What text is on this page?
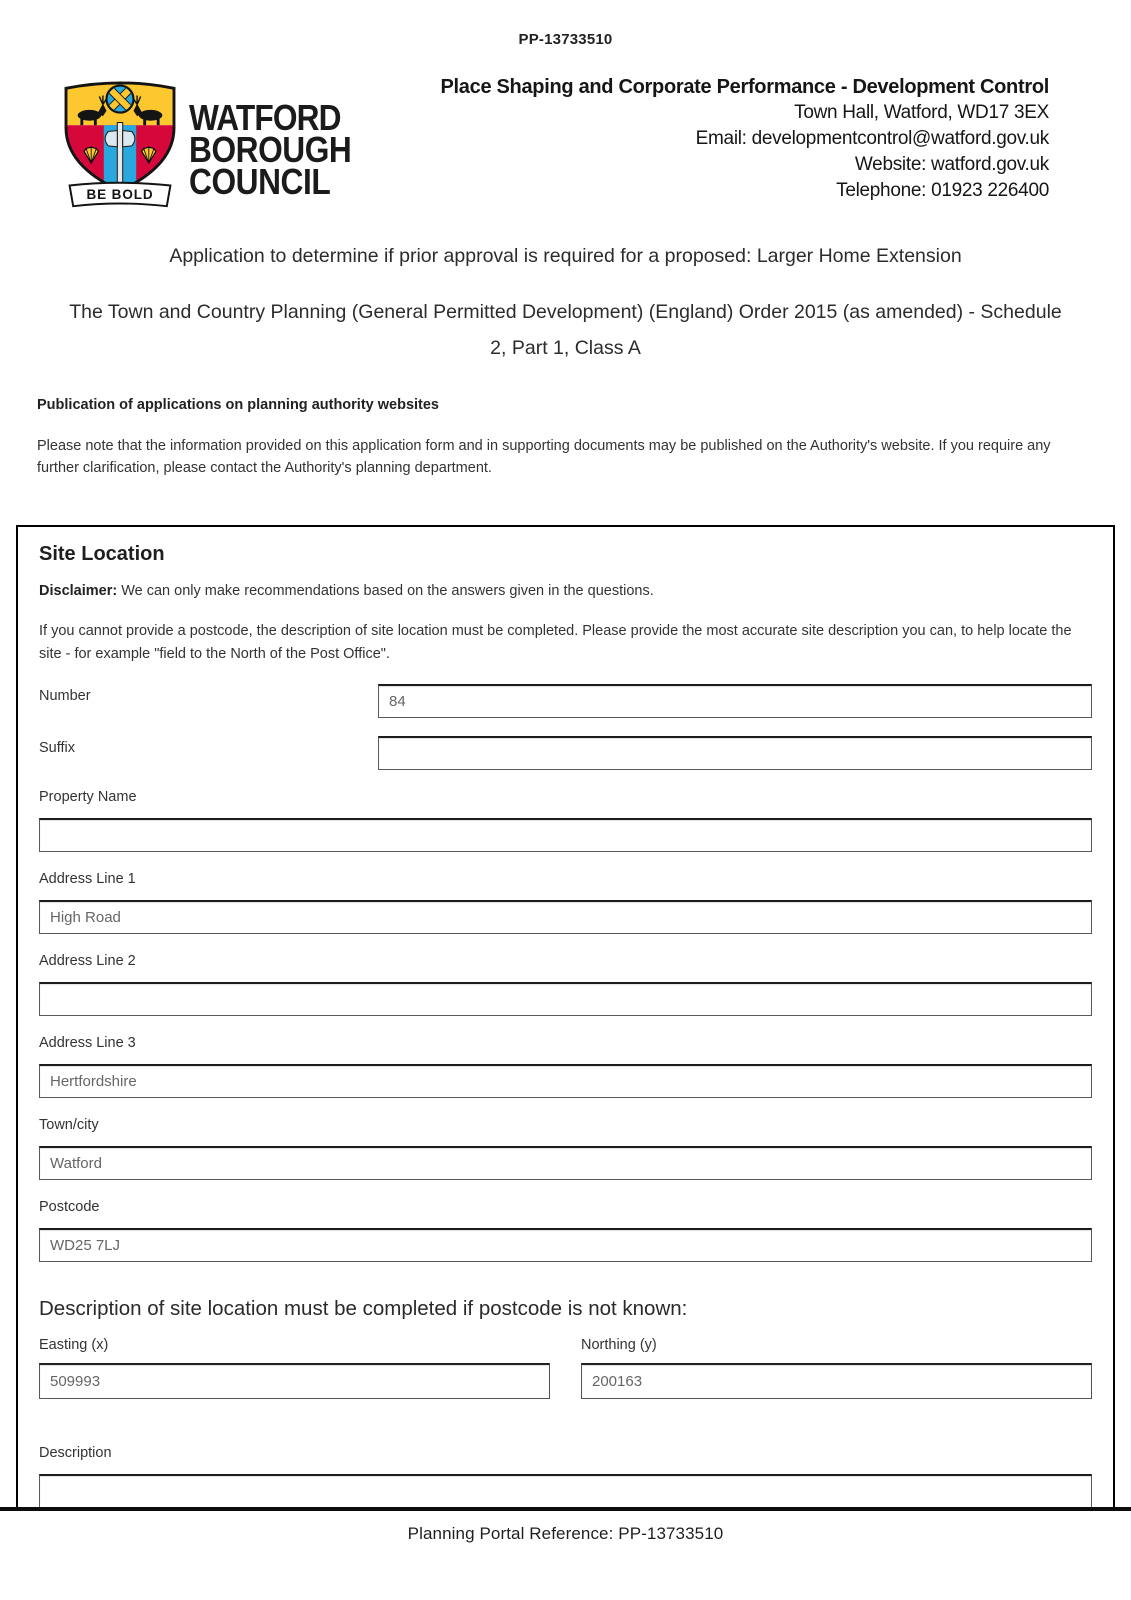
PP-13733510
BE BOLD
WATFORD
BOROUGH
COUNCIL
Place Shaping and Corporate Performance - Development Control
Town Hall, Watford, WD17 3EX
Email: developmentcontrol@watford.gov.uk
Website: watford.gov.uk
Telephone: 01923 226400
Application to determine if prior approval is required for a proposed: Larger Home Extension
The Town and Country Planning (General Permitted Development) (England) Order 2015 (as amended) - Schedule 2, Part 1, Class A
Publication of applications on planning authority websites

Please note that the information provided on this application form and in supporting documents may be published on the Authority's website. If you require any further clarification, please contact the Authority's planning department.

Site Location

Disclaimer: We can only make recommendations based on the answers given in the questions.

If you cannot provide a postcode, the description of site location must be completed. Please provide the most accurate site description you can, to help locate the site - for example "field to the North of the Post Office".

Number
84
Suffix
Property Name
Address Line 1
High Road
Address Line 2
Address Line 3
Hertfordshire
Town/city
Watford
Postcode
WD25 7LJ
Description of site location must be completed if postcode is not known:
Easting (x)
509993	Northing (y)
200163
Description
Planning Portal Reference: PP-13733510
